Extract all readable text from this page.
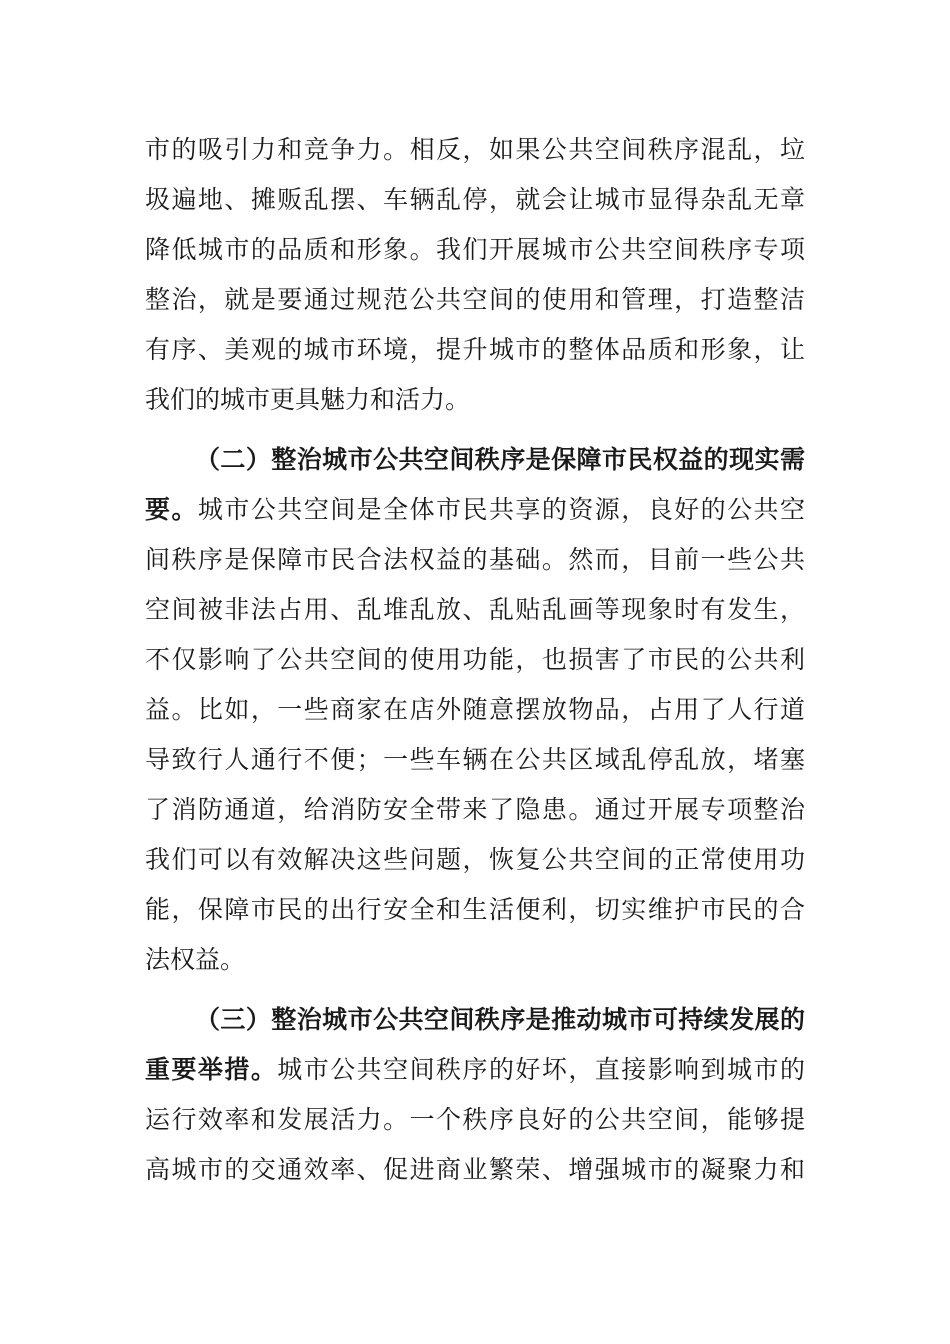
市的吸引力和竞争力。相反，如果公共空间秩序混乱，垃
圾遍地、摊贩乱摆、车辆乱停，就会让城市显得杂乱无章
降低城市的品质和形象。我们开展城市公共空间秩序专项
整治，就是要通过规范公共空间的使用和管理，打造整洁
有序、美观的城市环境，提升城市的整体品质和形象，让
我们的城市更具魅力和活力。
（二）整治城市公共空间秩序是保障市民权益的现实需
要。城市公共空间是全体市民共享的资源，良好的公共空
间秩序是保障市民合法权益的基础。然而，目前一些公共
空间被非法占用、乱堆乱放、乱贴乱画等现象时有发生，
不仅影响了公共空间的使用功能，也损害了市民的公共利
益。比如，一些商家在店外随意摆放物品，占用了人行道
导致行人通行不便；一些车辆在公共区域乱停乱放，堵塞
了消防通道，给消防安全带来了隐患。通过开展专项整治
我们可以有效解决这些问题，恢复公共空间的正常使用功
能，保障市民的出行安全和生活便利，切实维护市民的合
法权益。
（三）整治城市公共空间秩序是推动城市可持续发展的
重要举措。城市公共空间秩序的好坏，直接影响到城市的
运行效率和发展活力。一个秩序良好的公共空间，能够提
高城市的交通效率、促进商业繁荣、增强城市的凝聚力和
